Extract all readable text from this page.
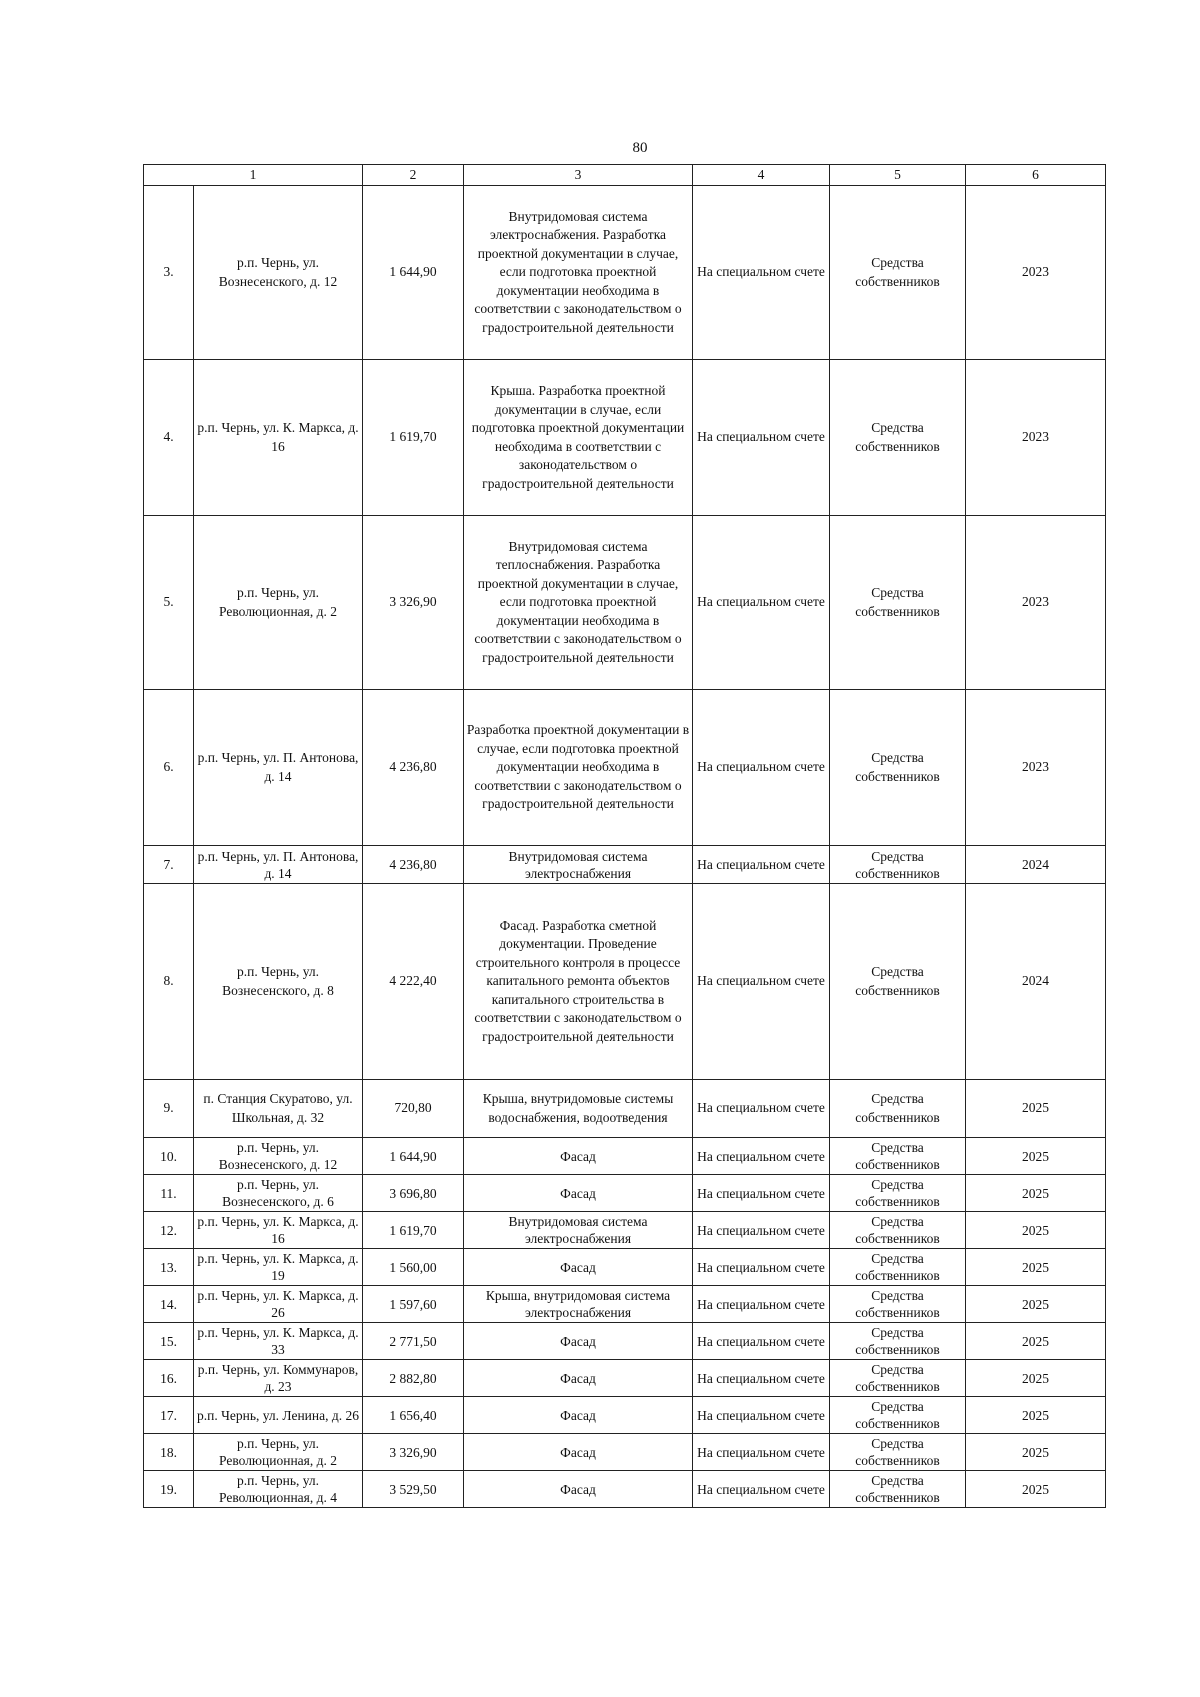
80
1		2	3	4	5	6
3.	р.п. Чернь, ул. Вознесенского, д. 12	1 644,90	Внутридомовая система электроснабжения. Разработка проектной документации в случае, если подготовка проектной документации необходима в соответствии с законодательством о градостроительной деятельности	На специальном счете	Средства собственников	2023
4.	р.п. Чернь, ул. К. Маркса, д. 16	1 619,70	Крыша. Разработка проектной документации в случае, если подготовка проектной документации необходима в соответствии с законодательством о градостроительной деятельности	На специальном счете	Средства собственников	2023
5.	р.п. Чернь, ул. Революционная, д. 2	3 326,90	Внутридомовая система теплоснабжения. Разработка проектной документации в случае, если подготовка проектной документации необходима в соответствии с законодательством о градостроительной деятельности	На специальном счете	Средства собственников	2023
6.	р.п. Чернь, ул. П. Антонова, д. 14	4 236,80	Разработка проектной документации в случае, если подготовка проектной документации необходима в соответствии с законодательством о градостроительной деятельности	На специальном счете	Средства собственников	2023
7.	р.п. Чернь, ул. П. Антонова, д. 14	4 236,80	Внутридомовая система электроснабжения	На специальном счете	Средства собственников	2024
8.	р.п. Чернь, ул. Вознесенского, д. 8	4 222,40	Фасад. Разработка сметной документации. Проведение строительного контроля в процессе капитального ремонта объектов капитального строительства в соответствии с законодательством о градостроительной деятельности	На специальном счете	Средства собственников	2024
9.	п. Станция Скуратово, ул. Школьная, д. 32	720,80	Крыша, внутридомовые системы водоснабжения, водоотведения	На специальном счете	Средства собственников	2025
10.	р.п. Чернь, ул. Вознесенского, д. 12	1 644,90	Фасад	На специальном счете	Средства собственников	2025
11.	р.п. Чернь, ул. Вознесенского, д. 6	3 696,80	Фасад	На специальном счете	Средства собственников	2025
12.	р.п. Чернь, ул. К. Маркса, д. 16	1 619,70	Внутридомовая система электроснабжения	На специальном счете	Средства собственников	2025
13.	р.п. Чернь, ул. К. Маркса, д. 19	1 560,00	Фасад	На специальном счете	Средства собственников	2025
14.	р.п. Чернь, ул. К. Маркса, д. 26	1 597,60	Крыша, внутридомовая система электроснабжения	На специальном счете	Средства собственников	2025
15.	р.п. Чернь, ул. К. Маркса, д. 33	2 771,50	Фасад	На специальном счете	Средства собственников	2025
16.	р.п. Чернь, ул. Коммунаров, д. 23	2 882,80	Фасад	На специальном счете	Средства собственников	2025
17.	р.п. Чернь, ул. Ленина, д. 26	1 656,40	Фасад	На специальном счете	Средства собственников	2025
18.	р.п. Чернь, ул. Революционная, д. 2	3 326,90	Фасад	На специальном счете	Средства собственников	2025
19.	р.п. Чернь, ул. Революционная, д. 4	3 529,50	Фасад	На специальном счете	Средства собственников	2025
